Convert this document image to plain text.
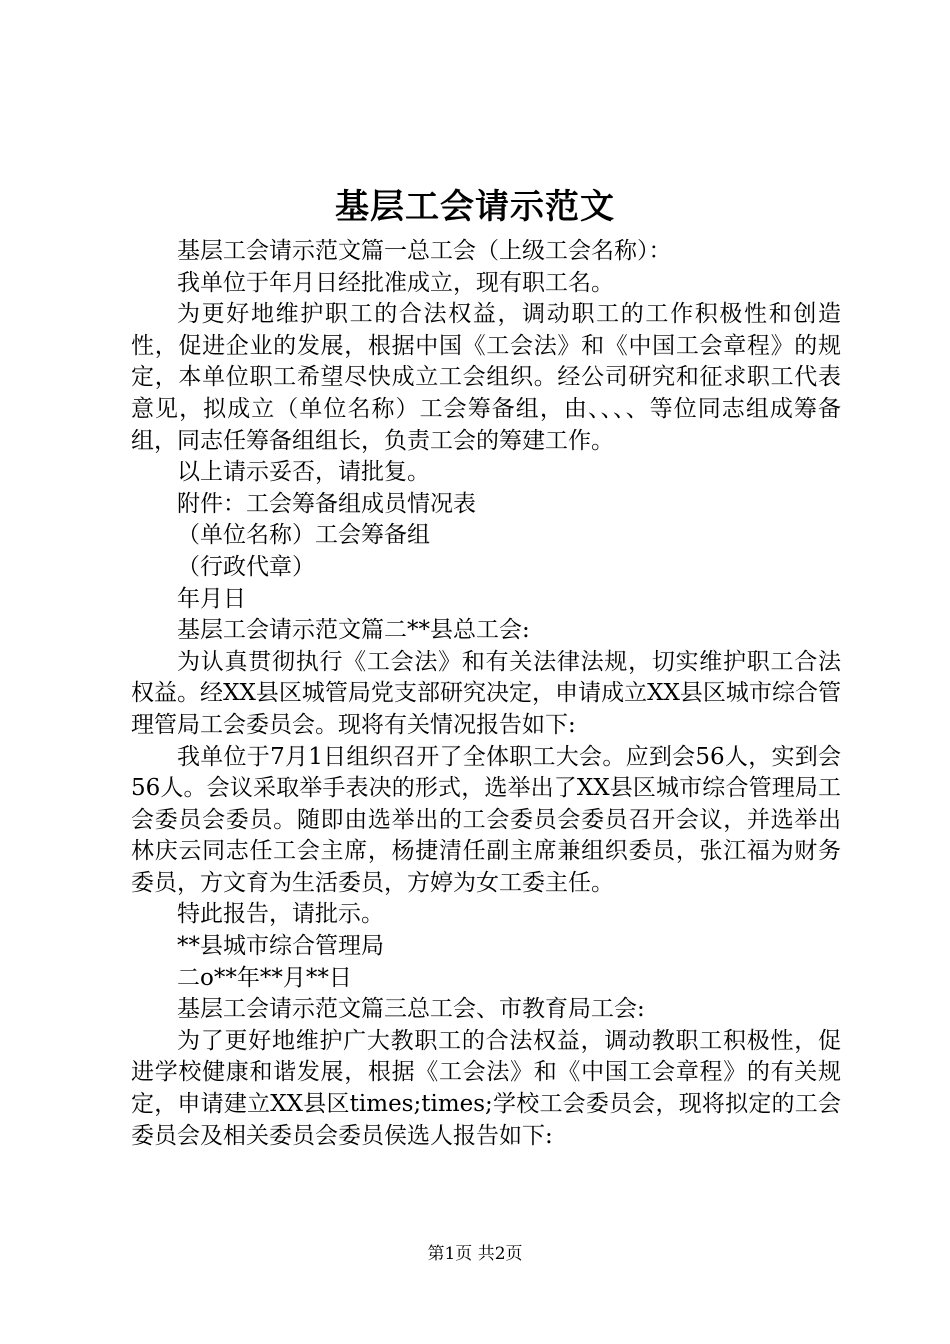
基层工会请示范文

基层工会请示范文篇一总工会（上级工会名称）：

我单位于年月日经批准成立，现有职工名。

为更好地维护职工的合法权益，调动职工的工作积极性和创造性，促进企业的发展，根据中国《工会法》和《中国工会章程》的规定，本单位职工希望尽快成立工会组织。经公司研究和征求职工代表意见，拟成立（单位名称）工会筹备组，由、、、、等位同志组成筹备组，同志任筹备组组长，负责工会的筹建工作。

以上请示妥否，请批复。

附件：工会筹备组成员情况表

（单位名称）工会筹备组

（行政代章）

年月日

基层工会请示范文篇二**县总工会:

为认真贯彻执行《工会法》和有关法律法规，切实维护职工合法权益。经XX县区城管局党支部研究决定，申请成立XX县区城市综合管理管局工会委员会。现将有关情况报告如下:

我单位于7月1日组织召开了全体职工大会。应到会56人，实到会56人。会议采取举手表决的形式，选举出了XX县区城市综合管理局工会委员会委员。随即由选举出的工会委员会委员召开会议，并选举出林庆云同志任工会主席，杨捷清任副主席兼组织委员，张江福为财务委员，方文育为生活委员，方婷为女工委主任。

特此报告，请批示。

**县城市综合管理局

二o**年**月**日

基层工会请示范文篇三总工会、市教育局工会:

为了更好地维护广大教职工的合法权益，调动教职工积极性，促进学校健康和谐发展，根据《工会法》和《中国工会章程》的有关规定，申请建立XX县区times;times;学校工会委员会，现将拟定的工会委员会及相关委员会委员侯选人报告如下:

第1页 共2页
